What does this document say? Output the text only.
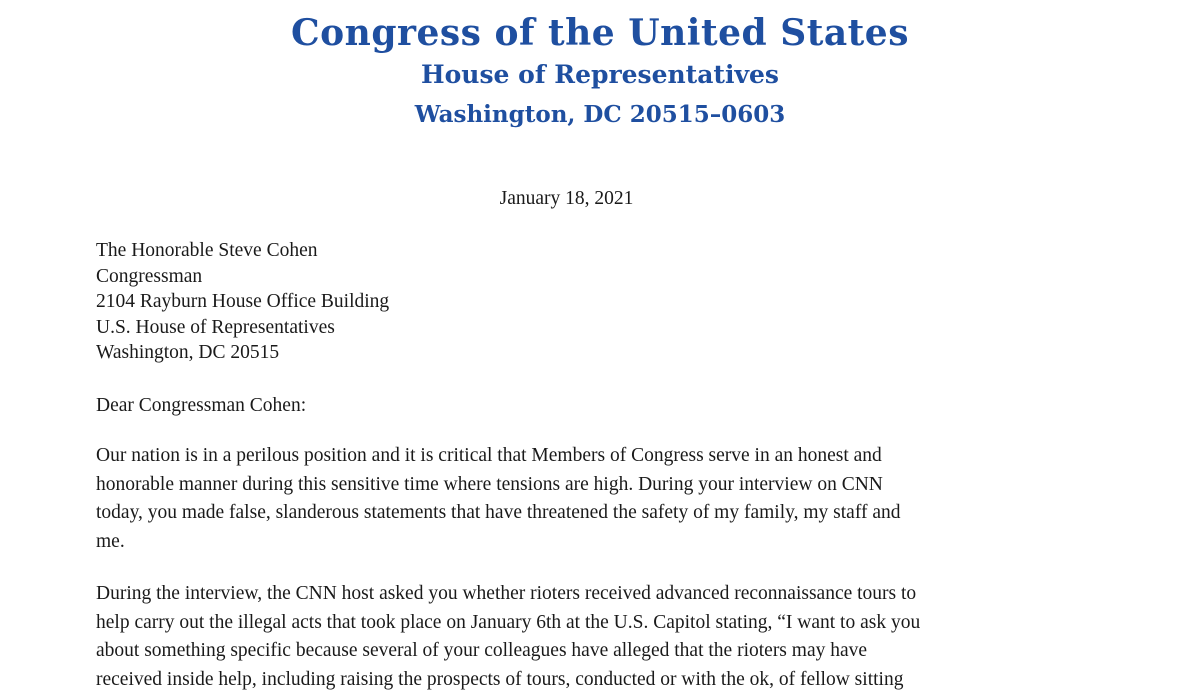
Congress of the United States
House of Representatives
Washington, DC 20515–0603
January 18, 2021
The Honorable Steve Cohen
Congressman
2104 Rayburn House Office Building
U.S. House of Representatives
Washington, DC 20515
Dear Congressman Cohen:
Our nation is in a perilous position and it is critical that Members of Congress serve in an honest and
honorable manner during this sensitive time where tensions are high. During your interview on CNN
today, you made false, slanderous statements that have threatened the safety of my family, my staff and
me.
During the interview, the CNN host asked you whether rioters received advanced reconnaissance tours to
help carry out the illegal acts that took place on January 6th at the U.S. Capitol stating, “I want to ask you
about something specific because several of your colleagues have alleged that the rioters may have
received inside help, including raising the prospects of tours, conducted or with the ok, of fellow sitting
